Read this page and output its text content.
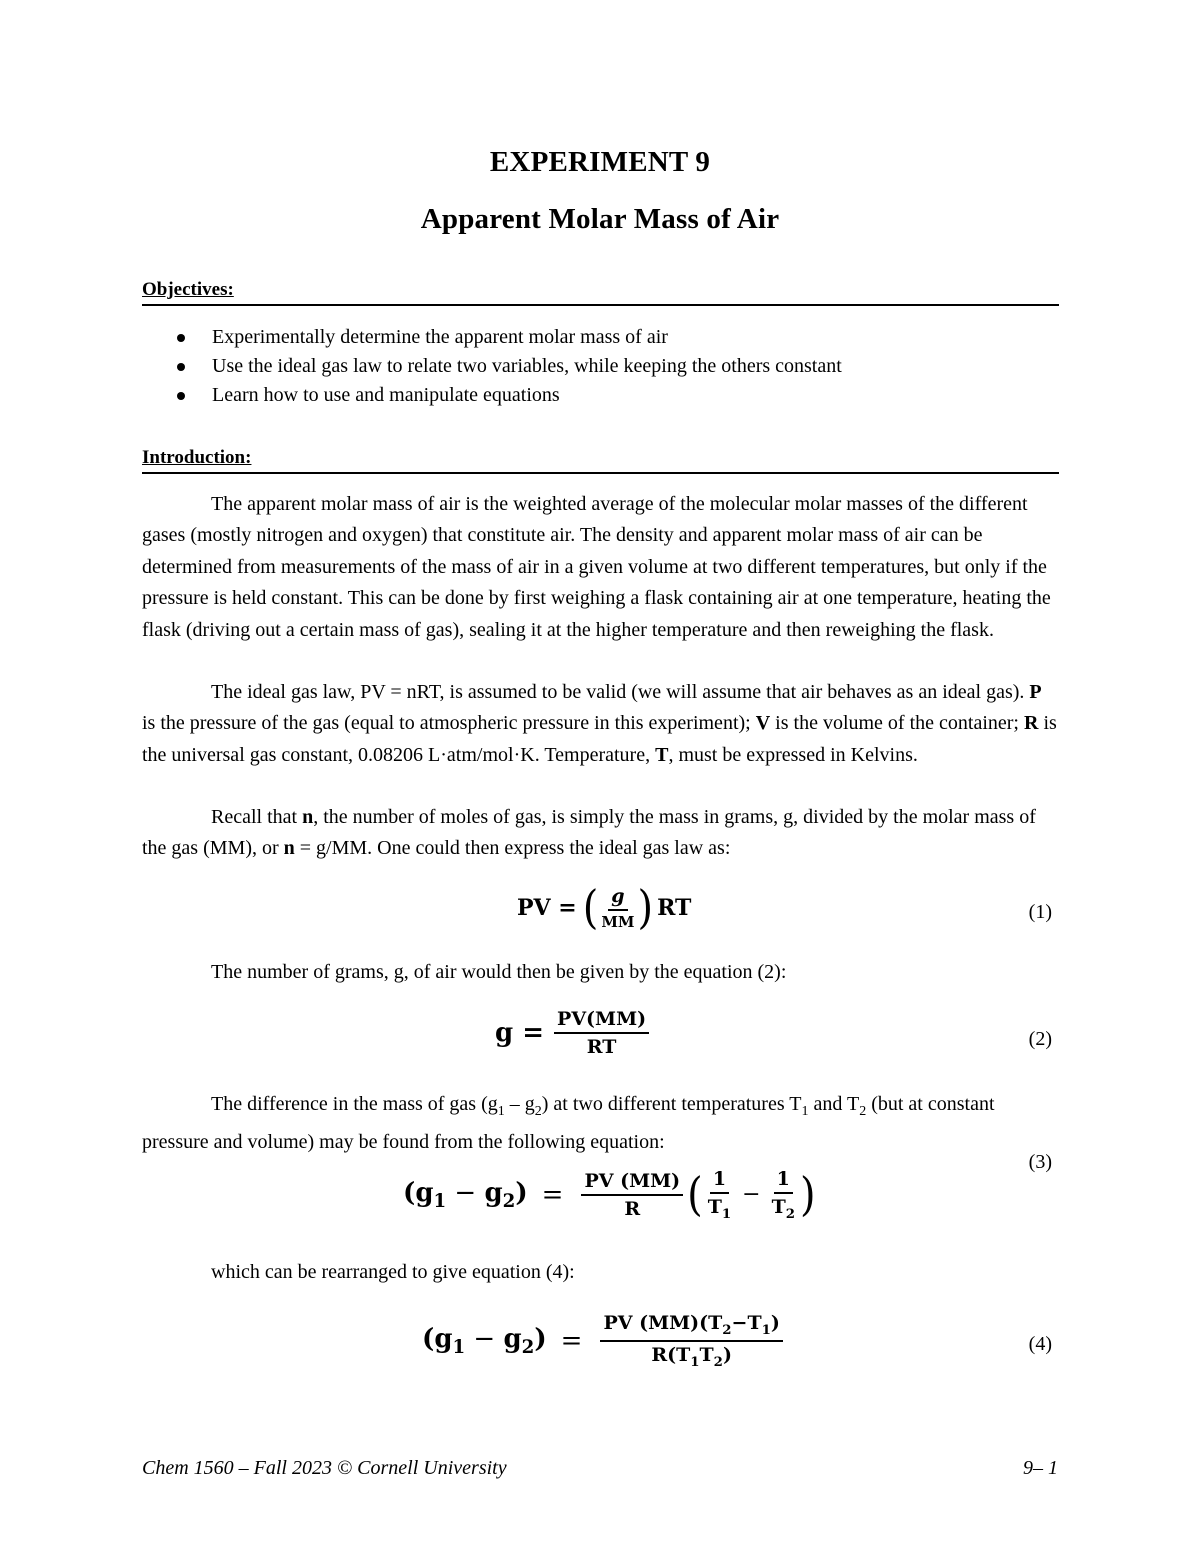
EXPERIMENT 9
Apparent Molar Mass of Air
Objectives:
Experimentally determine the apparent molar mass of air
Use the ideal gas law to relate two variables, while keeping the others constant
Learn how to use and manipulate equations
Introduction:

The apparent molar mass of air is the weighted average of the molecular molar masses of the different gases (mostly nitrogen and oxygen) that constitute air. The density and apparent molar mass of air can be determined from measurements of the mass of air in a given volume at two different temperatures, but only if the pressure is held constant. This can be done by first weighing a flask containing air at one temperature, heating the flask (driving out a certain mass of gas), sealing it at the higher temperature and then reweighing the flask.

The ideal gas law, PV = nRT, is assumed to be valid (we will assume that air behaves as an ideal gas). P is the pressure of the gas (equal to atmospheric pressure in this experiment); V is the volume of the container; R is the universal gas constant, 0.08206 L·atm/mol·K. Temperature, T, must be expressed in Kelvins.

Recall that n, the number of moles of gas, is simply the mass in grams, g, divided by the molar mass of the gas (MM), or n = g/MM. One could then express the ideal gas law as:

PV = ( $\frac{g}{MM}$ ) RT	(1)
The number of grams, g, of air would then be given by the equation (2):
$g = \frac{PV(MM)}{RT}$	(2)

The difference in the mass of gas $(g_1 - g_2)$ at two different temperatures $T_1$ and $T_2$ (but at constant pressure and volume) may be found from the following equation:

(3)
$(g_1 - g_2) = \frac{PV (MM)}{R}$ ( $\frac{1}{T_1} - \frac{1}{T_2}$ )
which can be rearranged to give equation (4):
$(g_1 - g_2) = \frac{PV (MM)(T_2-T_1)}{R(T_1T_2)}$	(4)
Chem 1560 – Fall 2023 © Cornell University	9– 1
